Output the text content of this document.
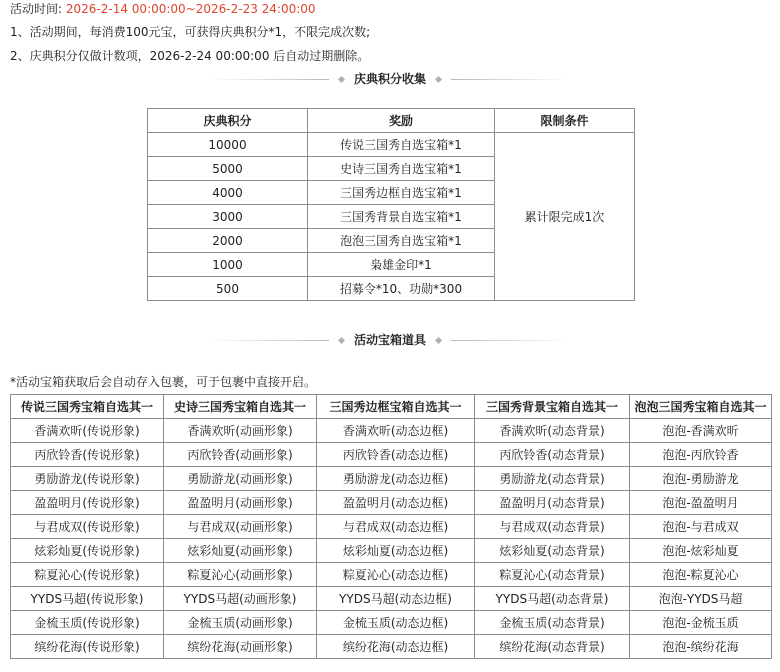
活动时间: 2026-2-14 00:00:00~2026-2-23 24:00:00
1、活动期间，每消费100元宝，可获得庆典积分*1，不限完成次数;
2、庆典积分仅做计数项，2026-2-24 00:00:00 后自动过期删除。
庆典积分收集
庆典积分	奖励	限制条件
10000	传说三国秀自选宝箱*1	累计限完成1次
5000	史诗三国秀自选宝箱*1	
4000	三国秀边框自选宝箱*1	
3000	三国秀背景自选宝箱*1	
2000	泡泡三国秀自选宝箱*1	
1000	枭雄金印*1	
500	招募令*10、功勋*300	
活动宝箱道具
*活动宝箱获取后会自动存入包裹，可于包裹中直接开启。
传说三国秀宝箱自选其一	史诗三国秀宝箱自选其一	三国秀边框宝箱自选其一	三国秀背景宝箱自选其一	泡泡三国秀宝箱自选其一
香满欢昕(传说形象)	香满欢昕(动画形象)	香满欢昕(动态边框)	香满欢昕(动态背景)	泡泡-香满欢昕
丙欣铃香(传说形象)	丙欣铃香(动画形象)	丙欣铃香(动态边框)	丙欣铃香(动态背景)	泡泡-丙欣铃香
勇励游龙(传说形象)	勇励游龙(动画形象)	勇励游龙(动态边框)	勇励游龙(动态背景)	泡泡-勇励游龙
盈盈明月(传说形象)	盈盈明月(动画形象)	盈盈明月(动态边框)	盈盈明月(动态背景)	泡泡-盈盈明月
与君成双(传说形象)	与君成双(动画形象)	与君成双(动态边框)	与君成双(动态背景)	泡泡-与君成双
炫彩灿夏(传说形象)	炫彩灿夏(动画形象)	炫彩灿夏(动态边框)	炫彩灿夏(动态背景)	泡泡-炫彩灿夏
粽夏沁心(传说形象)	粽夏沁心(动画形象)	粽夏沁心(动态边框)	粽夏沁心(动态背景)	泡泡-粽夏沁心
YYDS马超(传说形象)	YYDS马超(动画形象)	YYDS马超(动态边框)	YYDS马超(动态背景)	泡泡-YYDS马超
金梳玉质(传说形象)	金梳玉质(动画形象)	金梳玉质(动态边框)	金梳玉质(动态背景)	泡泡-金梳玉质
缤纷花海(传说形象)	缤纷花海(动画形象)	缤纷花海(动态边框)	缤纷花海(动态背景)	泡泡-缤纷花海
